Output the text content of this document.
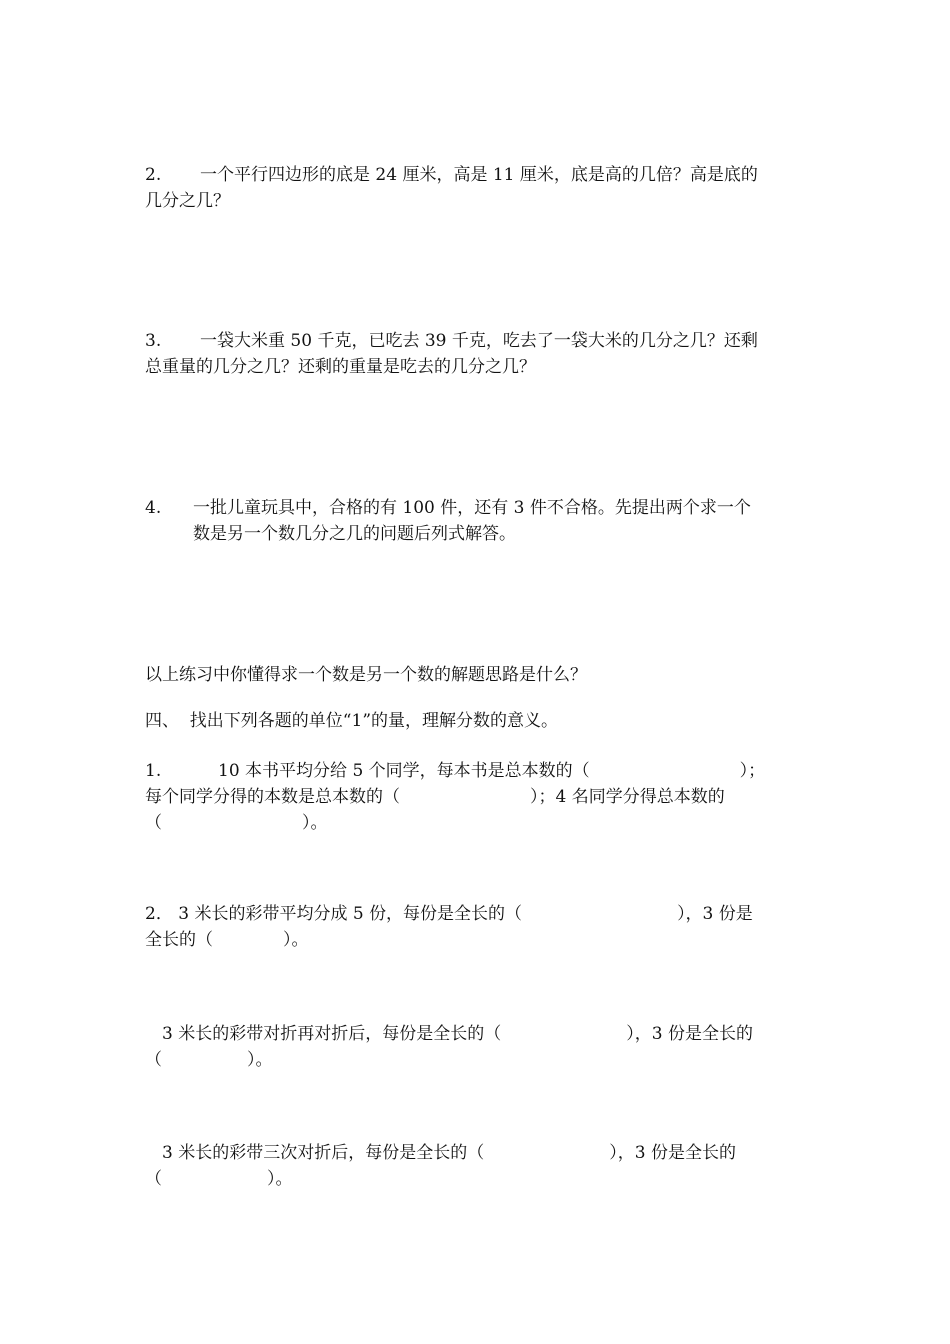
2. 一个平行四边形的底是 24 厘米，高是 11 厘米，底是高的几倍？高是底的
几分之几？
3. 一袋大米重 50 千克，已吃去 39 千克，吃去了一袋大米的几分之几？还剩
总重量的几分之几？还剩的重量是吃去的几分之几？
4. 一批儿童玩具中，合格的有 100 件，还有 3 件不合格。先提出两个求一个
数是另一个数几分之几的问题后列式解答。
以上练习中你懂得求一个数是另一个数的解题思路是什么？
四、  找出下列各题的单位“1”的量，理解分数的意义。
1.	10 本书平均分给 5 个同学，每本书是总本数的（	）；
每个同学分得的本数是总本数的（	）；4 名同学分得总本数的
（	）。
2． 3 米长的彩带平均分成 5 份，每份是全长的（	），3 份是
全长的（	）。
3 米长的彩带对折再对折后，每份是全长的（	），3 份是全长的
（	）。
3 米长的彩带三次对折后，每份是全长的（	），3 份是全长的
（	）。
